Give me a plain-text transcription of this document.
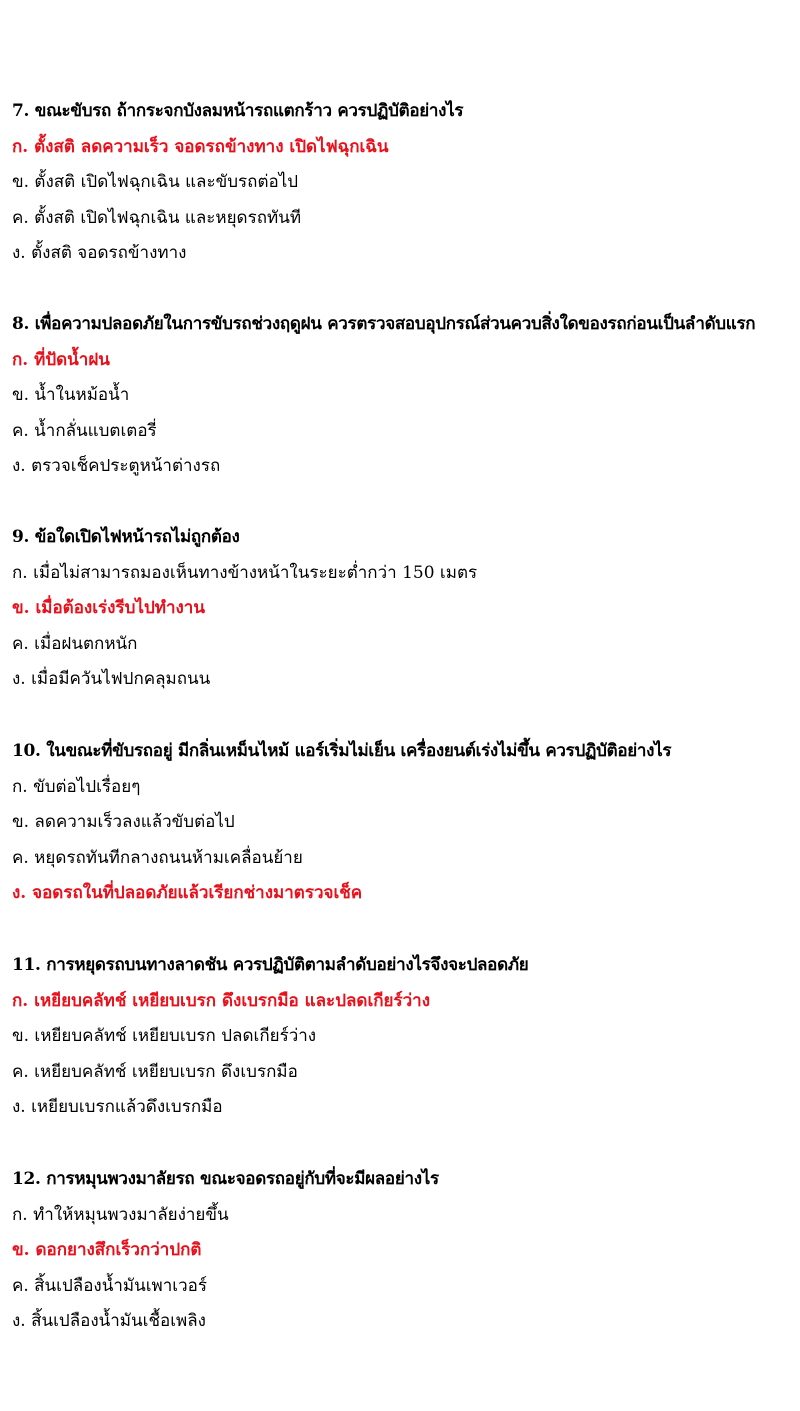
7. ขณะขับรถ ถ้ากระจกบังลมหน้ารถแตกร้าว ควรปฏิบัติอย่างไร
ก. ตั้งสติ ลดความเร็ว จอดรถข้างทาง เปิดไฟฉุกเฉิน
ข. ตั้งสติ เปิดไฟฉุกเฉิน และขับรถต่อไป
ค. ตั้งสติ เปิดไฟฉุกเฉิน และหยุดรถทันที
ง. ตั้งสติ จอดรถข้างทาง
8. เพื่อความปลอดภัยในการขับรถช่วงฤดูฝน ควรตรวจสอบอุปกรณ์ส่วนควบสิ่งใดของรถก่อนเป็นลำดับแรก
ก. ที่ปัดน้ำฝน
ข. น้ำในหม้อน้ำ
ค. น้ำกลั่นแบตเตอรี่
ง. ตรวจเช็คประตูหน้าต่างรถ
9. ข้อใดเปิดไฟหน้ารถไม่ถูกต้อง
ก. เมื่อไม่สามารถมองเห็นทางข้างหน้าในระยะต่ำกว่า 150 เมตร
ข. เมื่อต้องเร่งรีบไปทำงาน
ค. เมื่อฝนตกหนัก
ง. เมื่อมีควันไฟปกคลุมถนน
10. ในขณะที่ขับรถอยู่ มีกลิ่นเหม็นไหม้ แอร์เริ่มไม่เย็น เครื่องยนต์เร่งไม่ขึ้น ควรปฏิบัติอย่างไร
ก. ขับต่อไปเรื่อยๆ
ข. ลดความเร็วลงแล้วขับต่อไป
ค. หยุดรถทันทีกลางถนนห้ามเคลื่อนย้าย
ง. จอดรถในที่ปลอดภัยแล้วเรียกช่างมาตรวจเช็ค
11. การหยุดรถบนทางลาดชัน ควรปฏิบัติตามลำดับอย่างไรจึงจะปลอดภัย
ก. เหยียบคลัทช์ เหยียบเบรก ดึงเบรกมือ และปลดเกียร์ว่าง
ข. เหยียบคลัทช์ เหยียบเบรก ปลดเกียร์ว่าง
ค. เหยียบคลัทช์ เหยียบเบรก ดึงเบรกมือ
ง. เหยียบเบรกแล้วดึงเบรกมือ
12. การหมุนพวงมาลัยรถ ขณะจอดรถอยู่กับที่จะมีผลอย่างไร
ก. ทำให้หมุนพวงมาลัยง่ายขึ้น
ข. ดอกยางสึกเร็วกว่าปกติ
ค. สิ้นเปลืองน้ำมันเพาเวอร์
ง. สิ้นเปลืองน้ำมันเชื้อเพลิง
